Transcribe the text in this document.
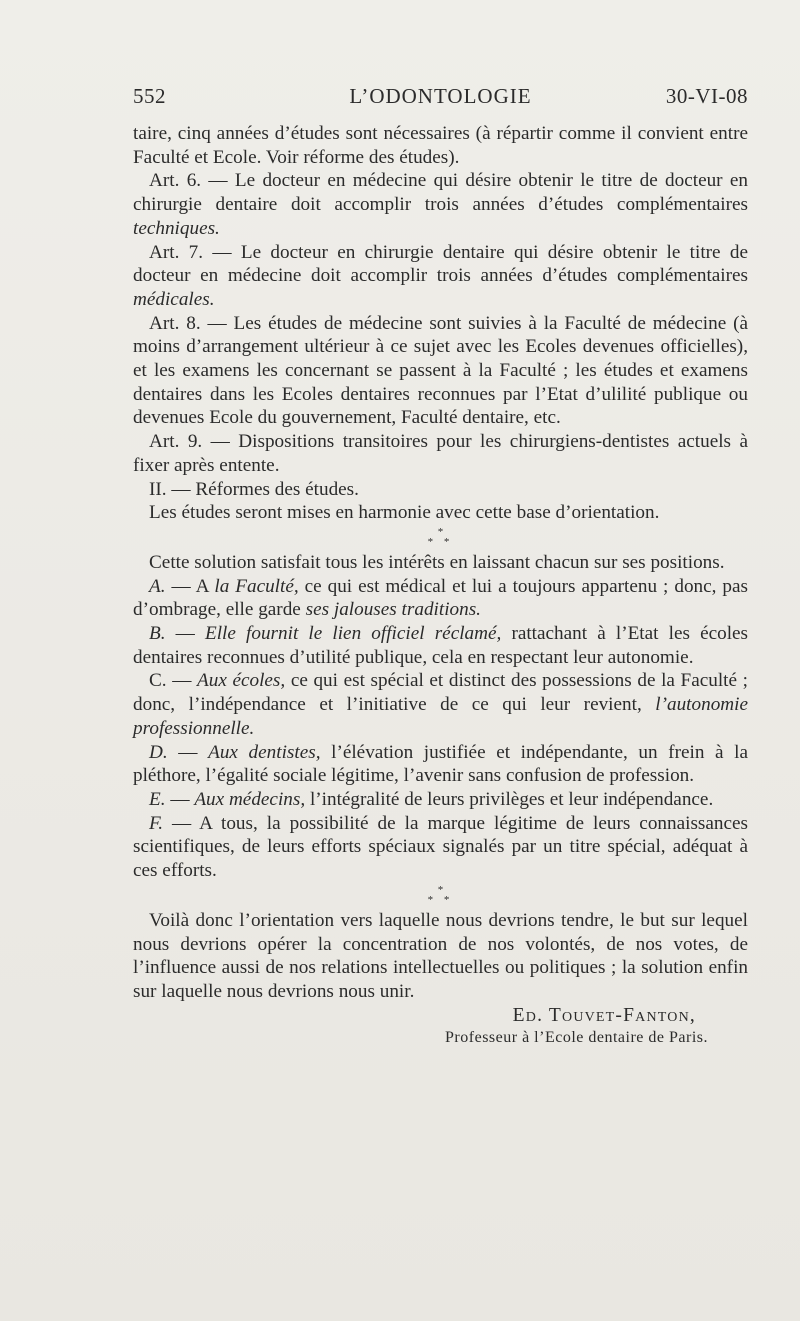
552	L’ODONTOLOGIE	30-VI-08

taire, cinq années d’études sont nécessaires (à répartir comme il convient entre Faculté et Ecole. Voir réforme des études).

Art. 6. — Le docteur en médecine qui désire obtenir le titre de docteur en chirurgie dentaire doit accomplir trois années d’études complémentaires techniques.

Art. 7. — Le docteur en chirurgie dentaire qui désire obtenir le titre de docteur en médecine doit accomplir trois années d’études complémentaires médicales.

Art. 8. — Les études de médecine sont suivies à la Faculté de médecine (à moins d’arrangement ultérieur à ce sujet avec les Ecoles devenues officielles), et les examens les concernant se passent à la Faculté ; les études et examens dentaires dans les Ecoles dentaires reconnues par l’Etat d’ulilité publique ou devenues Ecole du gouvernement, Faculté dentaire, etc.

Art. 9. — Dispositions transitoires pour les chirurgiens-dentistes actuels à fixer après entente.

II. — Réformes des études.

Les études seront mises en harmonie avec cette base d’orientation.

*
* *

Cette solution satisfait tous les intérêts en laissant chacun sur ses positions.

A. — A la Faculté, ce qui est médical et lui a toujours appartenu ; donc, pas d’ombrage, elle garde ses jalouses traditions.

B. — Elle fournit le lien officiel réclamé, rattachant à l’Etat les écoles dentaires reconnues d’utilité publique, cela en respectant leur autonomie.

C. — Aux écoles, ce qui est spécial et distinct des possessions de la Faculté ; donc, l’indépendance et l’initiative de ce qui leur revient, l’autonomie professionnelle.

D. — Aux dentistes, l’élévation justifiée et indépendante, un frein à la pléthore, l’égalité sociale légitime, l’avenir sans confusion de profession.

E. — Aux médecins, l’intégralité de leurs privilèges et leur indépendance.

F. — A tous, la possibilité de la marque légitime de leurs connaissances scientifiques, de leurs efforts spéciaux signalés par un titre spécial, adéquat à ces efforts.

*
* *

Voilà donc l’orientation vers laquelle nous devrions tendre, le but sur lequel nous devrions opérer la concentration de nos volontés, de nos votes, de l’influence aussi de nos relations intellectuelles ou politiques ; la solution enfin sur laquelle nous devrions nous unir.

Ed. Touvet-Fanton,

Professeur à l’Ecole dentaire de Paris.
